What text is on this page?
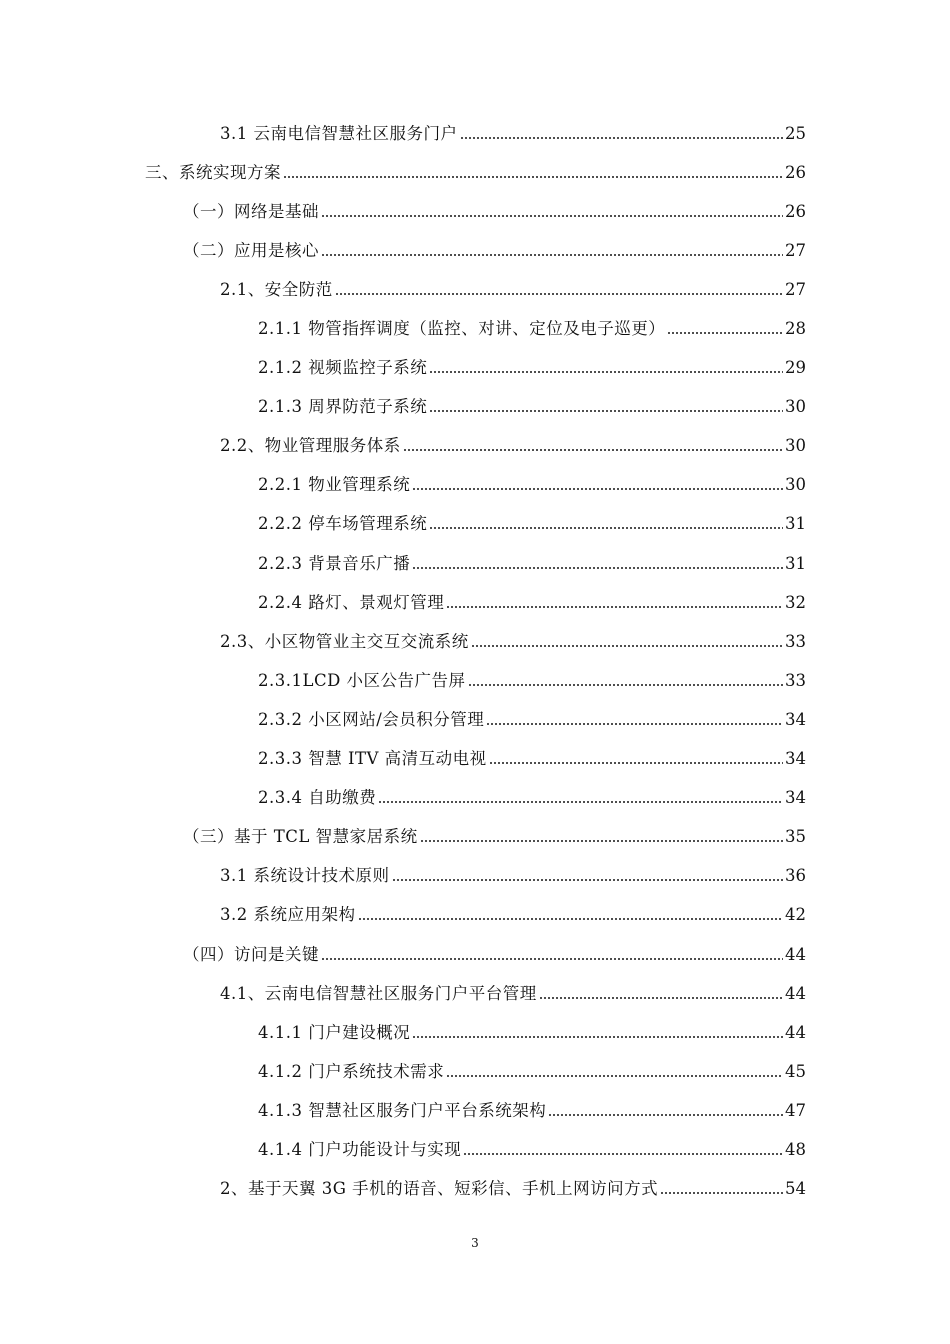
3.1 云南电信智慧社区服务门户	25
三、系统实现方案	26
（一）网络是基础	26
（二）应用是核心	27
2.1、安全防范	27
2.1.1 物管指挥调度（监控、对讲、定位及电子巡更）	28
2.1.2 视频监控子系统	29
2.1.3 周界防范子系统	30
2.2、物业管理服务体系	30
2.2.1 物业管理系统	30
2.2.2 停车场管理系统	31
2.2.3 背景音乐广播	31
2.2.4 路灯、景观灯管理	32
2.3、小区物管业主交互交流系统	33
2.3.1LCD 小区公告广告屏	33
2.3.2 小区网站/会员积分管理	34
2.3.3 智慧 ITV 高清互动电视	34
2.3.4 自助缴费	34
（三）基于 TCL 智慧家居系统	35
3.1 系统设计技术原则	36
3.2 系统应用架构	42
（四）访问是关键	44
4.1、云南电信智慧社区服务门户平台管理	44
4.1.1 门户建设概况	44
4.1.2 门户系统技术需求	45
4.1.3 智慧社区服务门户平台系统架构	47
4.1.4 门户功能设计与实现	48
2、基于天翼 3G 手机的语音、短彩信、手机上网访问方式	54
3
